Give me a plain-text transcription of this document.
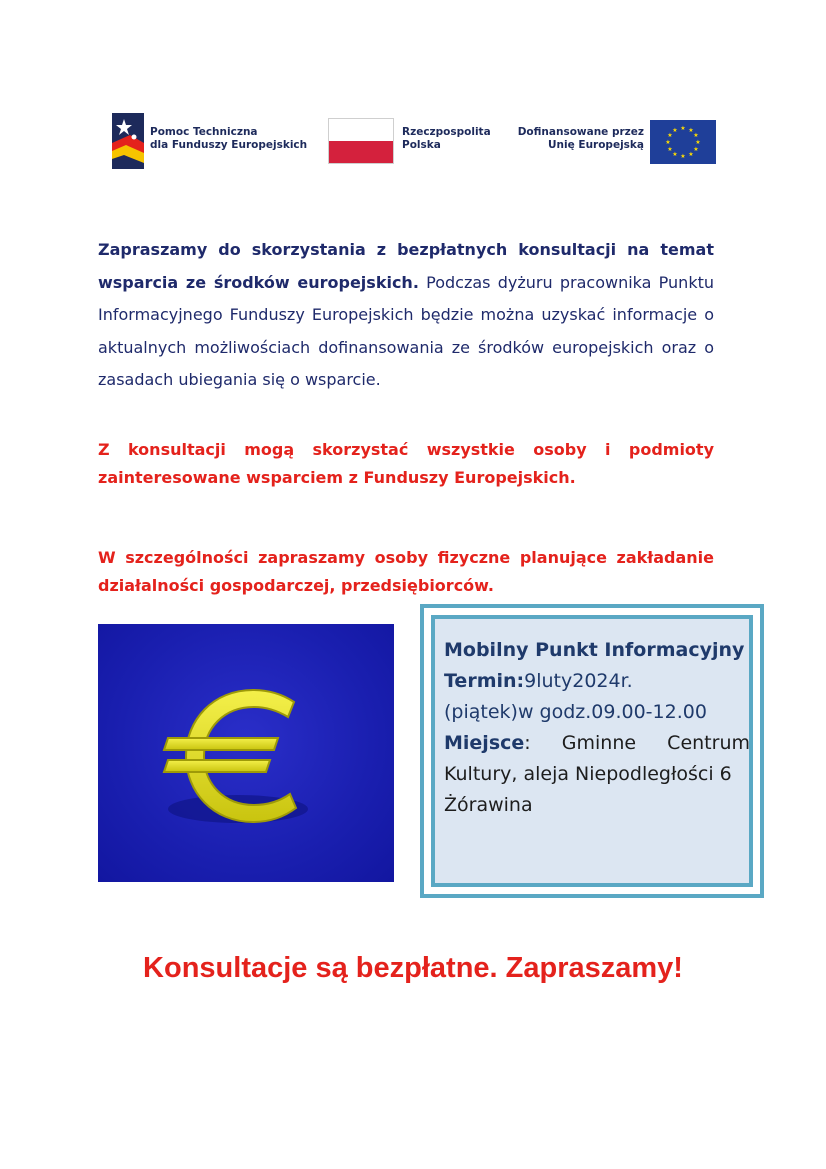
Pomoc Techniczna
dla Funduszy Europejskich
Rzeczpospolita
Polska
Dofinansowane przez
Unię Europejską
★ ★
★
★
★
★
★
★
★
★
★
★
Zapraszamy do skorzystania z bezpłatnych konsultacji na temat wsparcia ze środków europejskich. Podczas dyżuru pracownika Punktu Informacyjnego Funduszy Europejskich będzie można uzyskać informacje o aktualnych możliwościach dofinansowania ze środków europejskich oraz o zasadach ubiegania się o wsparcie.
Z konsultacji mogą skorzystać wszystkie osoby i podmioty zainteresowane wsparciem z Funduszy Europejskich.
W szczególności zapraszamy osoby fizyczne planujące zakładanie działalności gospodarczej, przedsiębiorców.
Mobilny Punkt Informacyjny
Termin:9luty2024r.
(piątek)w godz.09.00-12.00
Miejsce: Gminne Centrum
Kultury, aleja Niepodległości 6
Żórawina
Konsultacje są bezpłatne. Zapraszamy!
